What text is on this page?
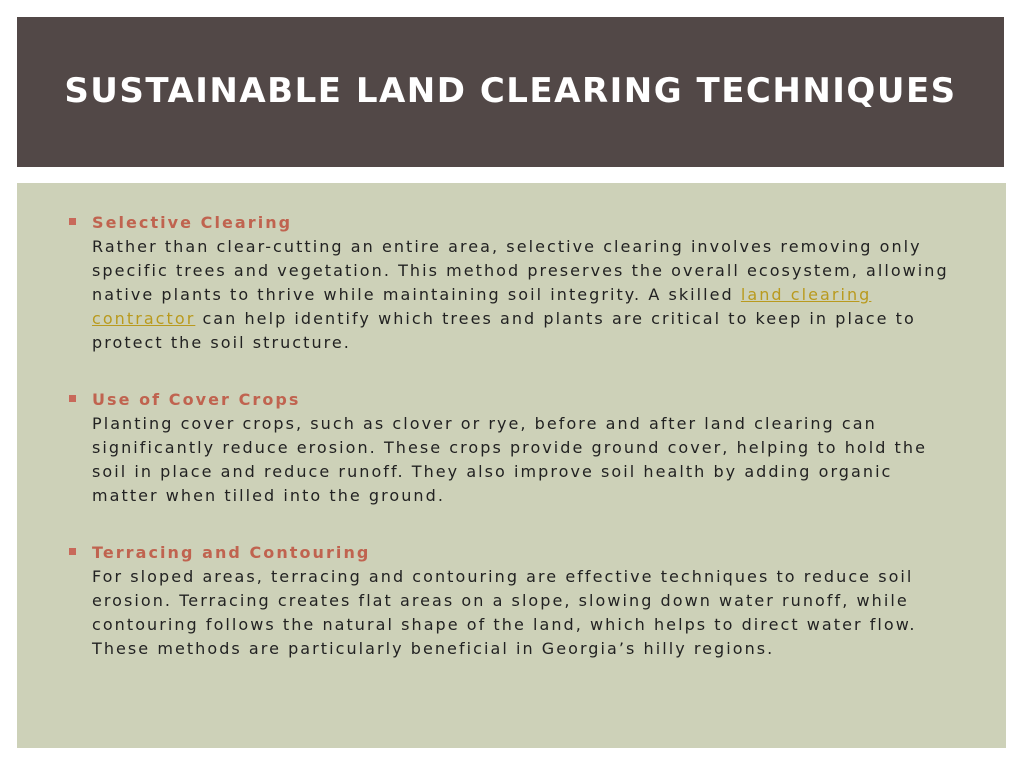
SUSTAINABLE LAND CLEARING TECHNIQUES
Selective Clearing
Rather than clear-cutting an entire area, selective clearing involves removing only specific trees and vegetation. This method preserves the overall ecosystem, allowing native plants to thrive while maintaining soil integrity. A skilled land clearing contractor can help identify which trees and plants are critical to keep in place to protect the soil structure.
Use of Cover Crops
Planting cover crops, such as clover or rye, before and after land clearing can significantly reduce erosion. These crops provide ground cover, helping to hold the soil in place and reduce runoff. They also improve soil health by adding organic matter when tilled into the ground.
Terracing and Contouring
For sloped areas, terracing and contouring are effective techniques to reduce soil erosion. Terracing creates flat areas on a slope, slowing down water runoff, while contouring follows the natural shape of the land, which helps to direct water flow. These methods are particularly beneficial in Georgia’s hilly regions.
